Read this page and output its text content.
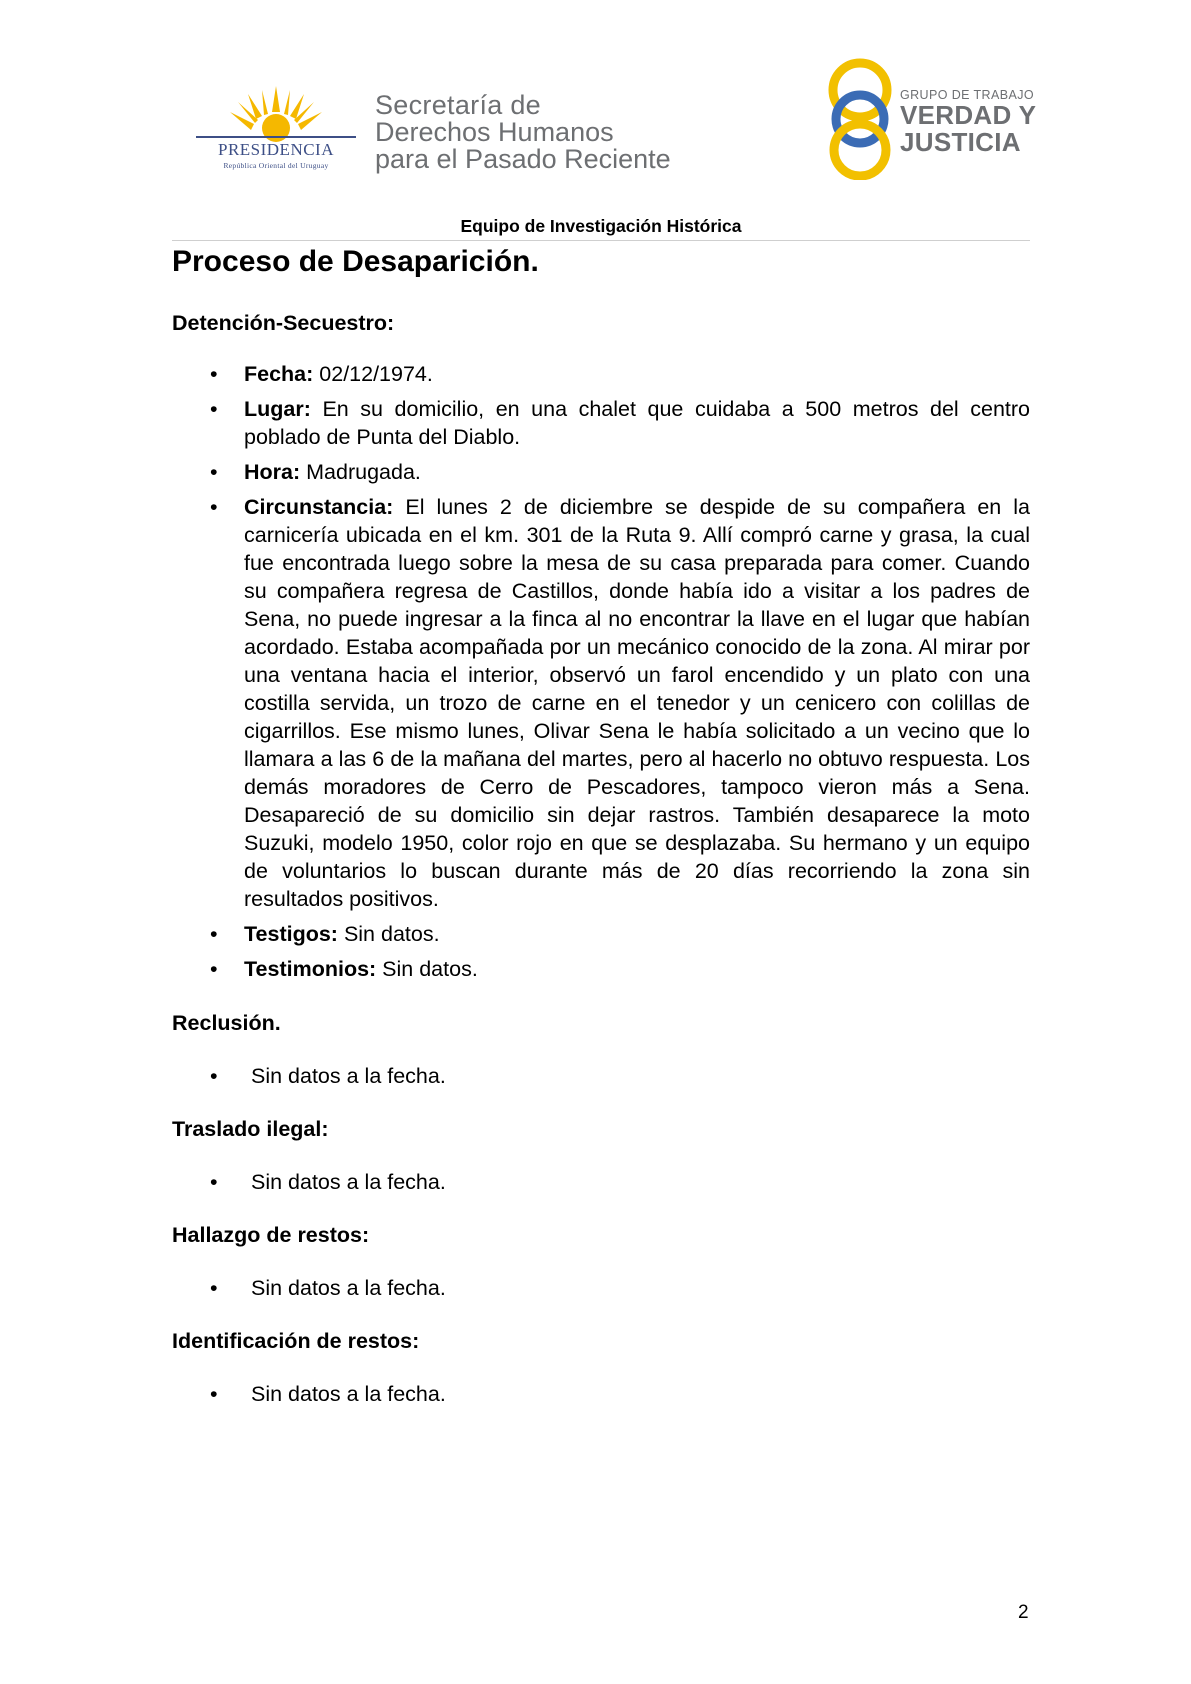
PRESIDENCIA
República Oriental del Uruguay
Secretaría de
Derechos Humanos
para el Pasado Reciente
GRUPO DE TRABAJO
VERDAD Y
JUSTICIA
Equipo de Investigación Histórica
Proceso de Desaparición.
Detención-Secuestro:
• Fecha: 02/12/1974.
• Lugar: En su domicilio, en una chalet que cuidaba a 500 metros del centro poblado de Punta del Diablo.
• Hora: Madrugada.
• Circunstancia: El lunes 2 de diciembre se despide de su compañera en la carnicería ubicada en el km. 301 de la Ruta 9. Allí compró carne y grasa, la cual fue encontrada luego sobre la mesa de su casa preparada para comer. Cuando su compañera regresa de Castillos, donde había ido a visitar a los padres de Sena, no puede ingresar a la finca al no encontrar la llave en el lugar que habían acordado. Estaba acompañada por un mecánico conocido de la zona. Al mirar por una ventana hacia el interior, observó un farol encendido y un plato con una costilla servida, un trozo de carne en el tenedor y un cenicero con colillas de cigarrillos. Ese mismo lunes, Olivar Sena le había solicitado a un vecino que lo llamara a las 6 de la mañana del martes, pero al hacerlo no obtuvo respuesta. Los demás moradores de Cerro de Pescadores, tampoco vieron más a Sena. Desapareció de su domicilio sin dejar rastros. También desaparece la moto Suzuki, modelo 1950, color rojo en que se desplazaba. Su hermano y un equipo de voluntarios lo buscan durante más de 20 días recorriendo la zona sin resultados positivos.
• Testigos: Sin datos.
• Testimonios: Sin datos.
Reclusión.
• Sin datos a la fecha.
Traslado ilegal:
• Sin datos a la fecha.
Hallazgo de restos:
• Sin datos a la fecha.
Identificación de restos:
• Sin datos a la fecha.
2
